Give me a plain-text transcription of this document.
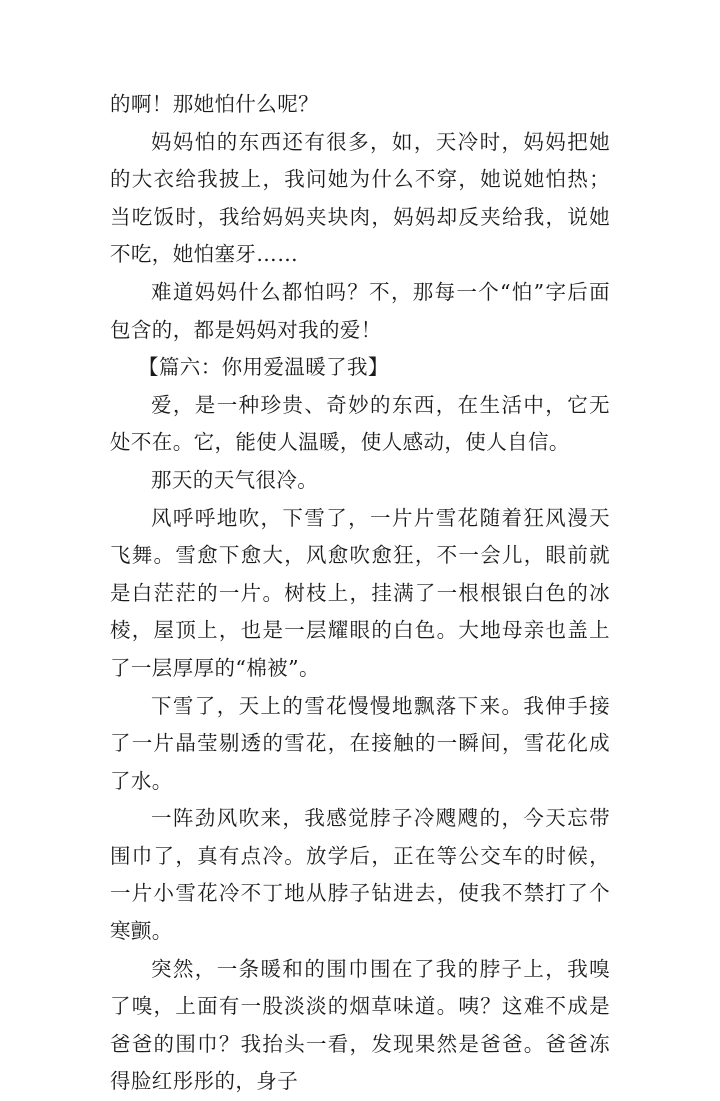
的啊！那她怕什么呢？

妈妈怕的东西还有很多，如，天冷时，妈妈把她的大衣给我披上，我问她为什么不穿，她说她怕热；当吃饭时，我给妈妈夹块肉，妈妈却反夹给我，说她不吃，她怕塞牙……

难道妈妈什么都怕吗？不，那每一个“怕”字后面包含的，都是妈妈对我的爱！

【篇六：你用爱温暖了我】

爱，是一种珍贵、奇妙的东西，在生活中，它无处不在。它，能使人温暖，使人感动，使人自信。

那天的天气很冷。

风呼呼地吹，下雪了，一片片雪花随着狂风漫天飞舞。雪愈下愈大，风愈吹愈狂，不一会儿，眼前就是白茫茫的一片。树枝上，挂满了一根根银白色的冰棱，屋顶上，也是一层耀眼的白色。大地母亲也盖上了一层厚厚的“棉被”。

下雪了，天上的雪花慢慢地飘落下来。我伸手接了一片晶莹剔透的雪花，在接触的一瞬间，雪花化成了水。

一阵劲风吹来，我感觉脖子冷飕飕的，今天忘带围巾了，真有点冷。放学后，正在等公交车的时候，一片小雪花冷不丁地从脖子钻进去，使我不禁打了个寒颤。

突然，一条暖和的围巾围在了我的脖子上，我嗅了嗅，上面有一股淡淡的烟草味道。咦？这难不成是爸爸的围巾？我抬头一看，发现果然是爸爸。爸爸冻得脸红彤彤的，身子
